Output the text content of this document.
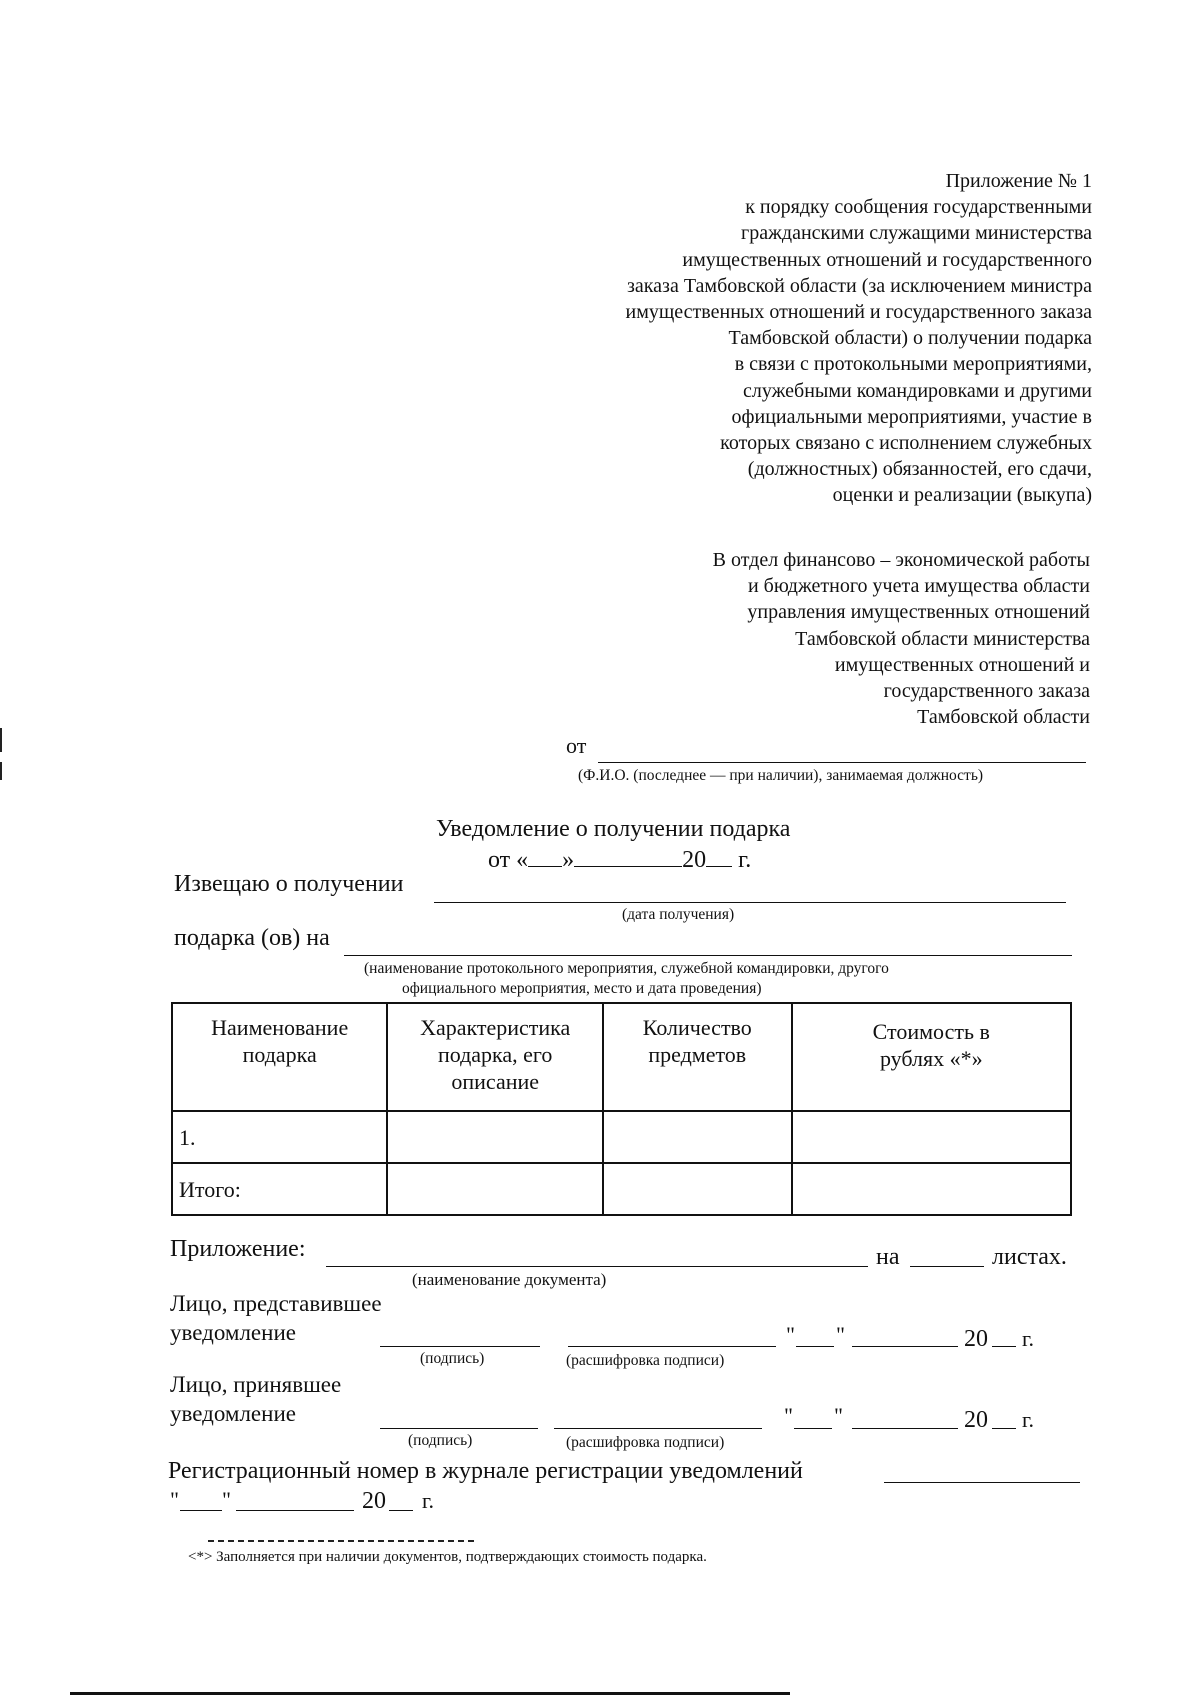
Приложение № 1
к порядку сообщения государственными
гражданскими служащими министерства
имущественных отношений и государственного
заказа Тамбовской области (за исключением министра
имущественных отношений и государственного заказа
Тамбовской области) о получении подарка
в связи с протокольными мероприятиями,
служебными командировками и другими
официальными мероприятиями, участие в
которых связано с исполнением служебных
(должностных) обязанностей, его сдачи,
оценки и реализации (выкупа)
В отдел финансово – экономической работы
и бюджетного учета имущества области
управления имущественных отношений
Тамбовской области министерства
имущественных отношений и
государственного заказа
Тамбовской области
от
(Ф.И.О. (последнее — при наличии), занимаемая должность)
Уведомление о получении подарка
от « »	20 г.
Извещаю о получении
(дата получения)
подарка (ов) на
(наименование протокольного мероприятия, служебной командировки, другого
официального мероприятия, место и дата проведения)
Наименование подарка	Характеристика подарка, его описание	Количество предметов	Стоимость в рублях «*»
1.			
Итого:			
Приложение:	на	листах.
(наименование документа)
Лицо, представившее
уведомление	" "	20 г.
(подпись)	(расшифровка подписи)
Лицо, принявшее
уведомление	" "	20 г.
(подпись)	(расшифровка подписи)
Регистрационный номер в журнале регистрации уведомлений
" "	20 г.
<*> Заполняется при наличии документов, подтверждающих стоимость подарка.
